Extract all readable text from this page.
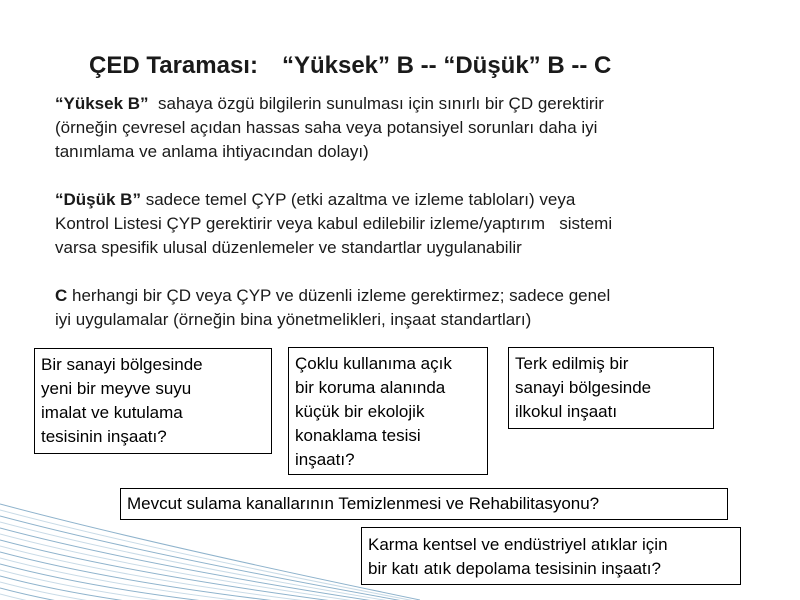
ÇED Taraması: “Yüksek” B -- “Düşük” B -- C
“Yüksek B”  sahaya özgü bilgilerin sunulması için sınırlı bir ÇD gerektirir
(örneğin çevresel açıdan hassas saha veya potansiyel sorunları daha iyi
tanımlama ve anlama ihtiyacından dolayı)
“Düşük B” sadece temel ÇYP (etki azaltma ve izleme tabloları) veya
Kontrol Listesi ÇYP gerektirir veya kabul edilebilir izleme/yaptırım   sistemi
varsa spesifik ulusal düzenlemeler ve standartlar uygulanabilir
C herhangi bir ÇD veya ÇYP ve düzenli izleme gerektirmez; sadece genel
iyi uygulamalar (örneğin bina yönetmelikleri, inşaat standartları)
Bir sanayi bölgesinde
yeni bir meyve suyu
imalat ve kutulama
tesisinin inşaatı?
Çoklu kullanıma açık
bir koruma alanında
küçük bir ekolojik
konaklama tesisi
inşaatı?
Terk edilmiş bir
sanayi bölgesinde
ilkokul inşaatı
Mevcut sulama kanallarının Temizlenmesi ve Rehabilitasyonu?
Karma kentsel ve endüstriyel atıklar için
bir katı atık depolama tesisinin inşaatı?
